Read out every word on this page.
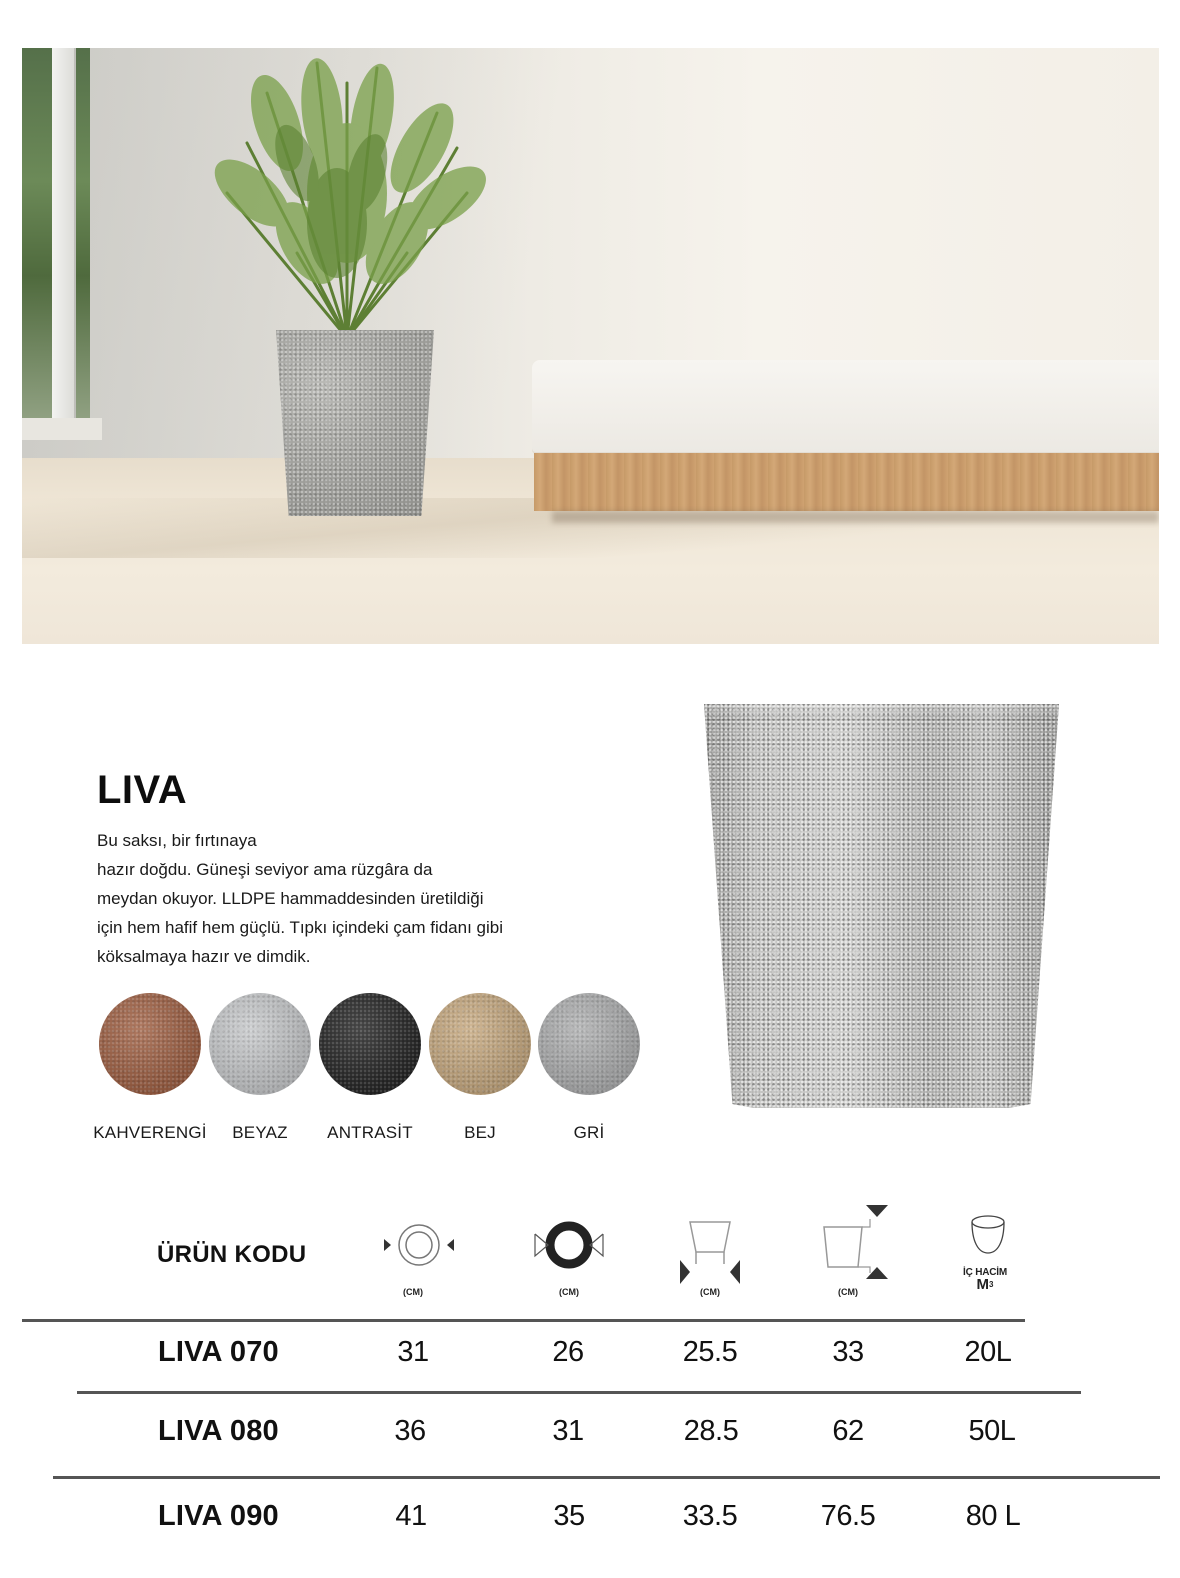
LIVA
Bu saksı, bir fırtınaya
hazır doğdu. Güneşi seviyor ama rüzgâra da
meydan okuyor. LLDPE hammaddesinden üretildiği
için hem hafif hem güçlü. Tıpkı içindeki çam fidanı gibi
köksalmaya hazır ve dimdik.
KAHVERENGİ	BEYAZ	ANTRASİT	BEJ	GRİ
ÜRÜN KODU
(CM)	(CM)	(CM)	(CM)
İÇ HACİM
$M^3$
LIVA 070	31	26	25.5	33	20L
LIVA 080	36	31	28.5	62	50L
LIVA 090	41	35	33.5	76.5	80 L
